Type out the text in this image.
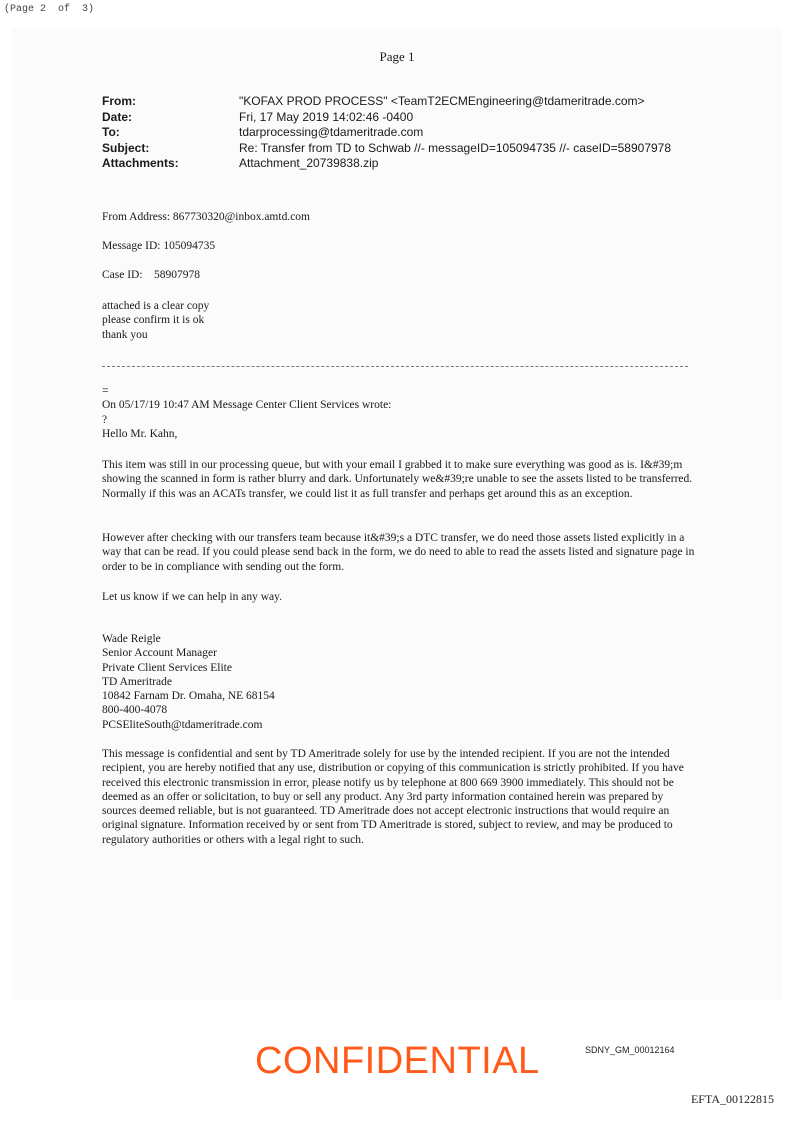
(Page 2  of  3)
Page 1
From:	"KOFAX PROD PROCESS" <TeamT2ECMEngineering@tdameritrade.com>
Date:	Fri, 17 May 2019 14:02:46 -0400
To:	tdarprocessing@tdameritrade.com
Subject:	Re: Transfer from TD to Schwab //- messageID=105094735 //- caseID=58907978
Attachments:	Attachment_20739838.zip
From Address: 867730320@inbox.amtd.com
Message ID: 105094735
Case ID:    58907978

attached is a clear copy

please confirm it is ok

thank you

=

On 05/17/19 10:47 AM Message Center Client Services wrote:

?

Hello Mr. Kahn,

This item was still in our processing queue, but with your email I grabbed it to make sure everything was good as is. I&#39;m showing the scanned in form is rather blurry and dark. Unfortunately we&#39;re unable to see the assets listed to be transferred. Normally if this was an ACATs transfer, we could list it as full transfer and perhaps get around this as an exception.
However after checking with our transfers team because it&#39;s a DTC transfer, we do need those assets listed explicitly in a way that can be read. If you could please send back in the form, we do need to able to read the assets listed and signature page in order to be in compliance with sending out the form.
Let us know if we can help in any way.

Wade Reigle

Senior Account Manager

Private Client Services Elite

TD Ameritrade

10842 Farnam Dr. Omaha, NE 68154

800-400-4078

PCSEliteSouth@tdameritrade.com

This message is confidential and sent by TD Ameritrade solely for use by the intended recipient. If you are not the intended recipient, you are hereby notified that any use, distribution or copying of this communication is strictly prohibited. If you have received this electronic transmission in error, please notify us by telephone at 800 669 3900 immediately. This should not be deemed as an offer or solicitation, to buy or sell any product. Any 3rd party information contained herein was prepared by sources deemed reliable, but is not guaranteed. TD Ameritrade does not accept electronic instructions that would require an original signature. Information received by or sent from TD Ameritrade is stored, subject to review, and may be produced to regulatory authorities or others with a legal right to such.
CONFIDENTIAL	SDNY_GM_00012164
EFTA_00122815
